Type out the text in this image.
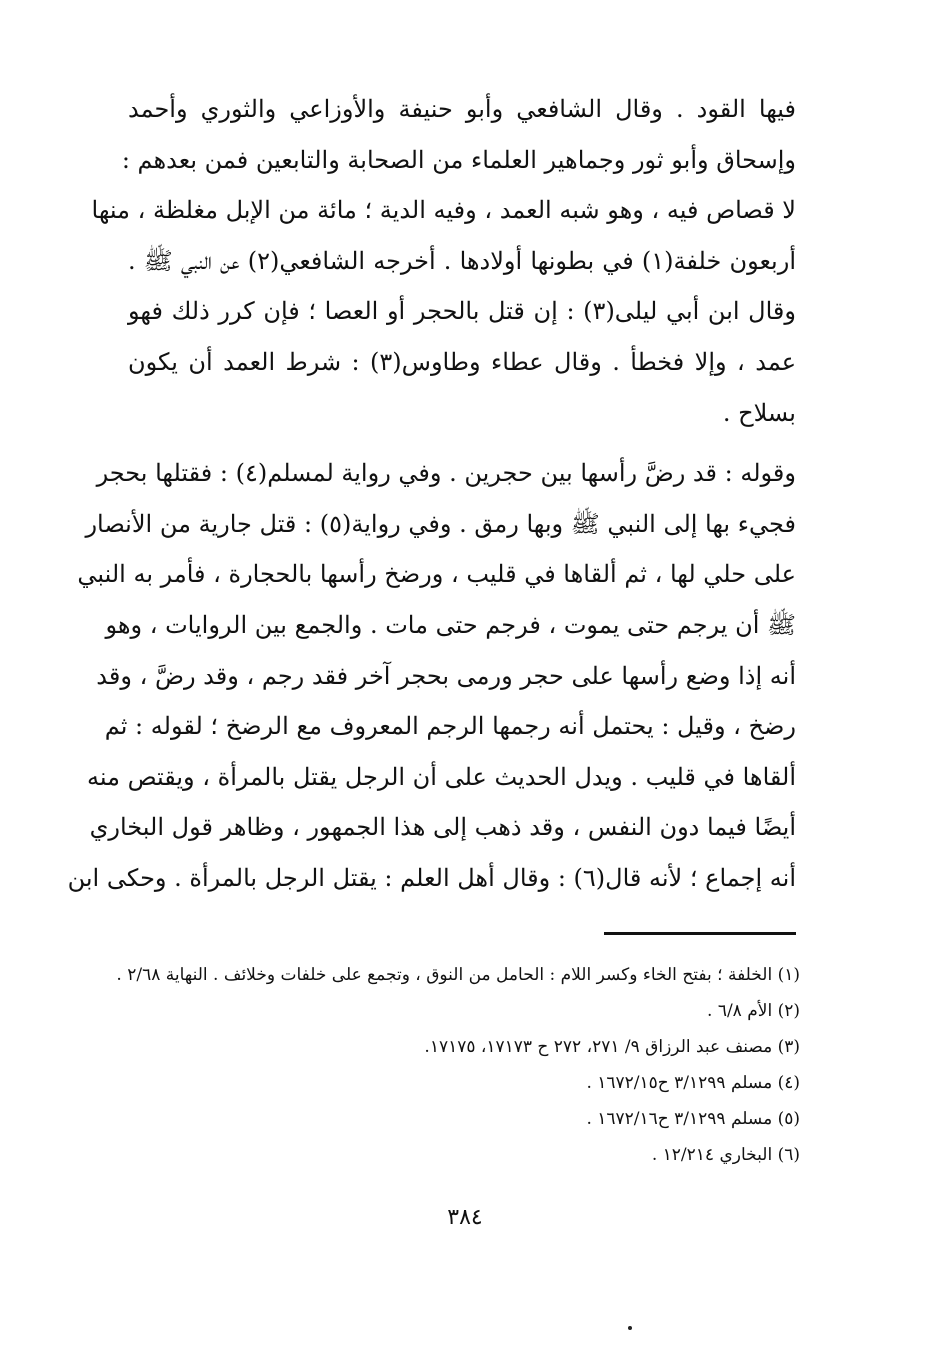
فيها القود . وقال الشافعي وأبو حنيفة والأوزاعي والثوري وأحمد
وإسحاق وأبو ثور وجماهير العلماء من الصحابة والتابعين فمن بعدهم :
لا قصاص فيه ، وهو شبه العمد ، وفيه الدية ؛ مائة من الإبل مغلظة ، منها
أربعون خلفة(١) في بطونها أولادها . أخرجه الشافعي(٢) عن النبي ﷺ .
وقال ابن أبي ليلى(٣) : إن قتل بالحجر أو العصا ؛ فإن كرر ذلك فهو
عمد ، وإلا فخطأ . وقال عطاء وطاوس(٣) : شرط العمد أن يكون
بسلاح .

وقوله : قد رضَّ رأسها بين حجرين . وفي رواية لمسلم(٤) : فقتلها بحجر
فجيء بها إلى النبي ﷺ وبها رمق . وفي رواية(٥) : قتل جارية من الأنصار
على حلي لها ، ثم ألقاها في قليب ، ورضخ رأسها بالحجارة ، فأمر به النبي
ﷺ أن يرجم حتى يموت ، فرجم حتى مات . والجمع بين الروايات ، وهو
أنه إذا وضع رأسها على حجر ورمى بحجر آخر فقد رجم ، وقد رضَّ ، وقد
رضخ ، وقيل : يحتمل أنه رجمها الرجم المعروف مع الرضخ ؛ لقوله : ثم
ألقاها في قليب . ويدل الحديث على أن الرجل يقتل بالمرأة ، ويقتص منه
أيضًا فيما دون النفس ، وقد ذهب إلى هذا الجمهور ، وظاهر قول البخاري
أنه إجماع ؛ لأنه قال(٦) : وقال أهل العلم : يقتل الرجل بالمرأة . وحكى ابن

(١) الخلفة ؛ بفتح الخاء وكسر اللام : الحامل من النوق ، وتجمع على خلفات وخلائف . النهاية ٢/٦٨ .
(٢) الأم ٦/٨ .
(٣) مصنف عبد الرزاق ٩/ ٢٧١، ٢٧٢ ح ١٧١٧٣، ١٧١٧٥.
(٤) مسلم ٣/١٢٩٩ ح١٦٧٢/١٥ .
(٥) مسلم ٣/١٢٩٩ ح١٦٧٢/١٦ .
(٦) البخاري ١٢/٢١٤ .
٣٨٤
